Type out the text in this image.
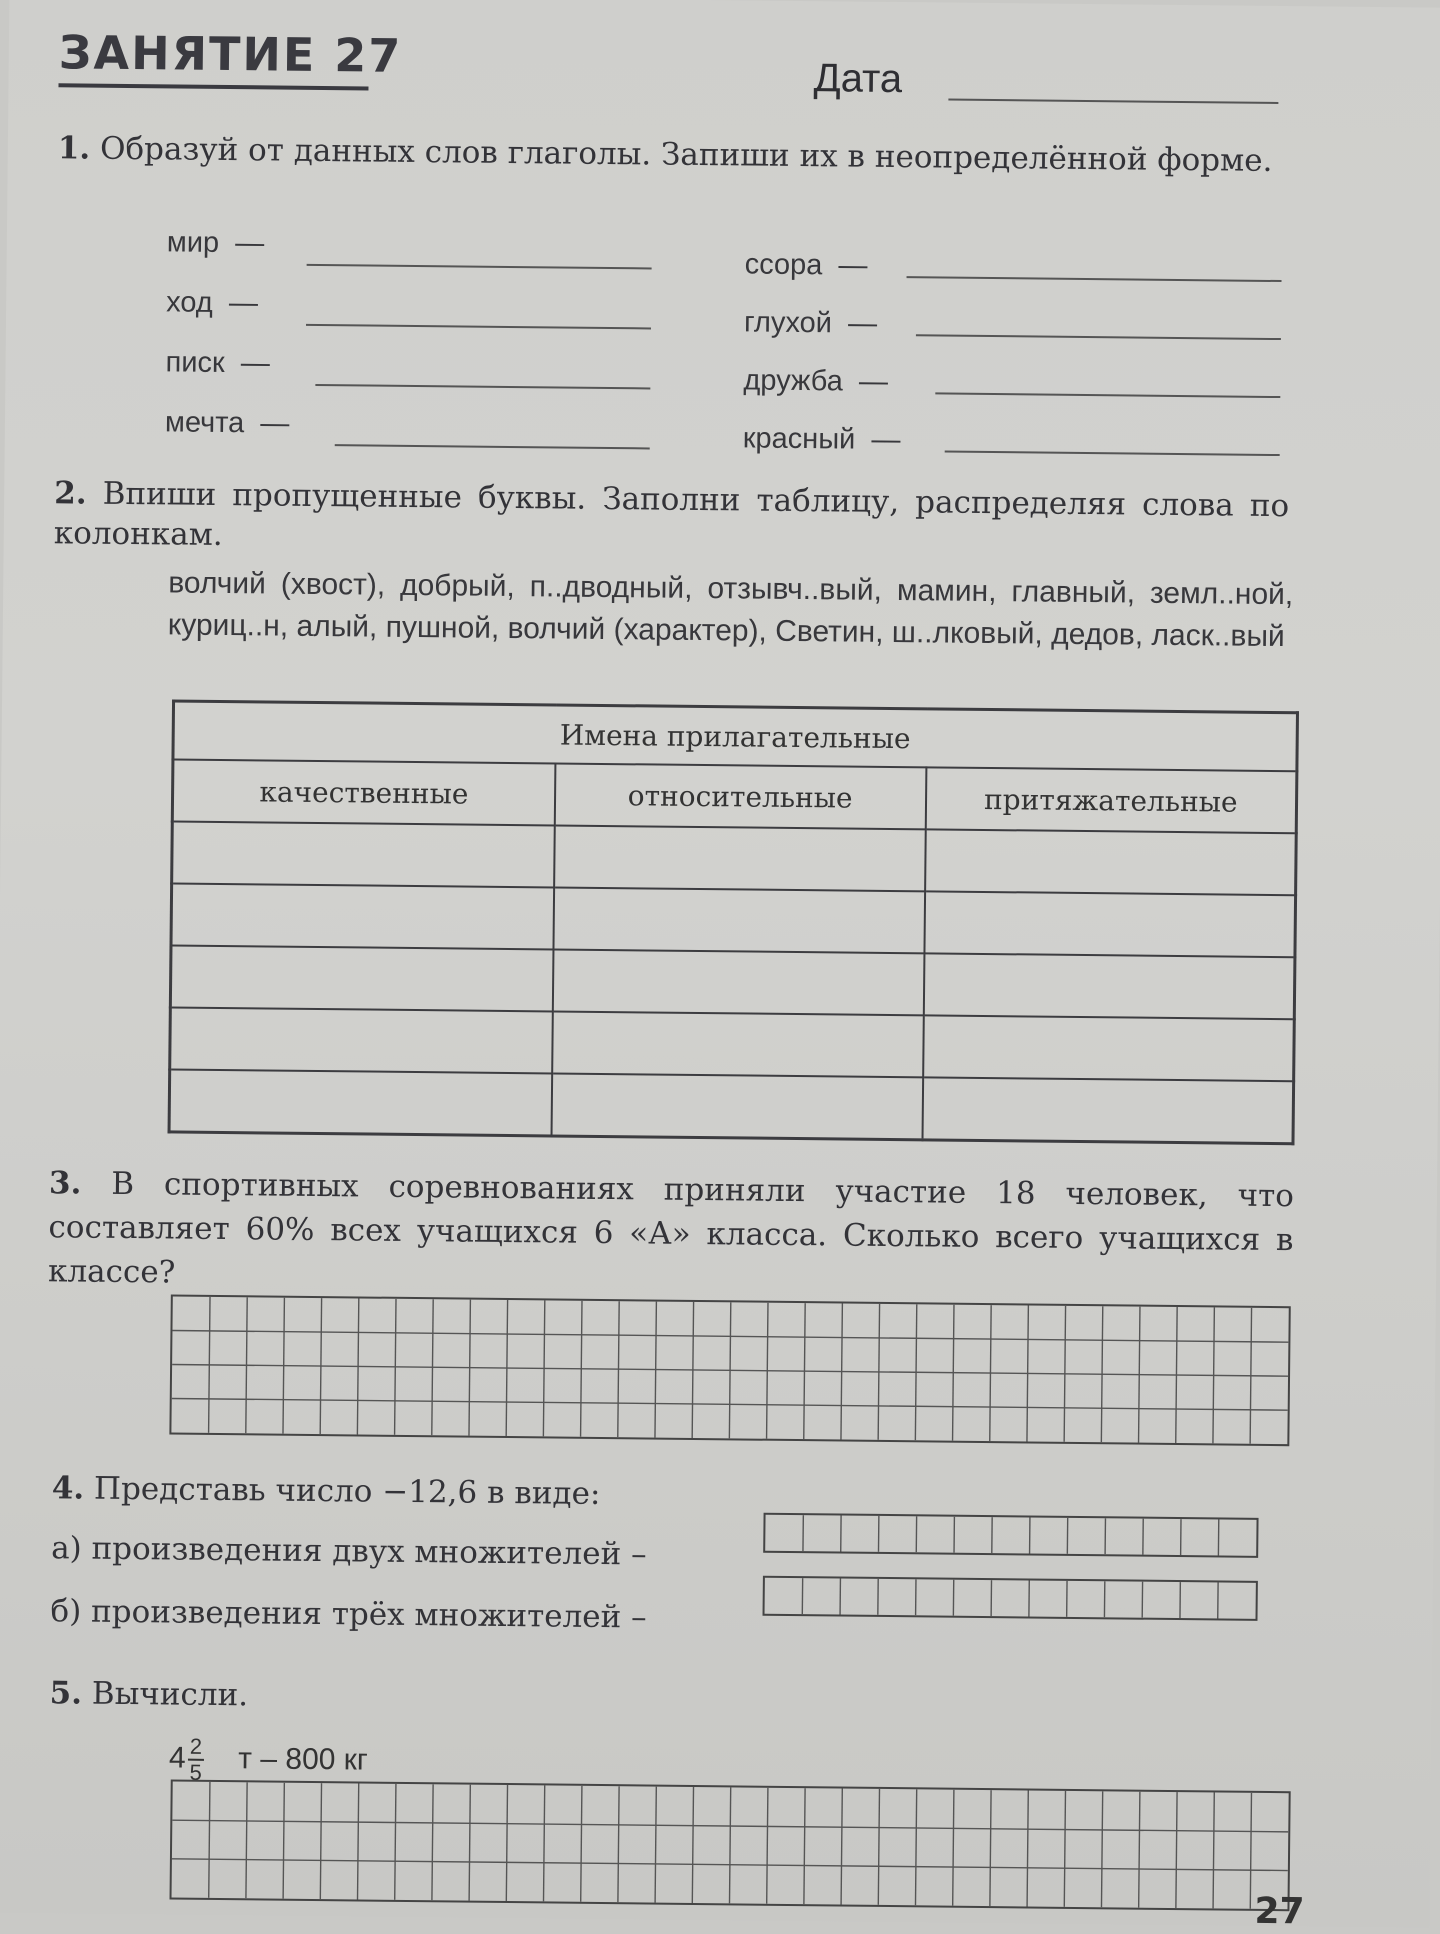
ЗАНЯТИЕ 27	Дата
1. Образуй от данных слов глаголы. Запиши их в неопределённой форме.
мир —
ход —
писк —
мечта —
ссора —
глухой —
дружба —
красный —
2. Впиши пропущенные буквы. Заполни таблицу, распределяя слова по колонкам.
волчий (хвост), добрый, п..дводный, отзывч..вый, мамин, главный, земл..ной, куриц..н, алый, пушной, волчий (характер), Светин, ш..лковый, дедов, ласк..вый
Имена прилагательные		
качественные	относительные	притяжательные

3. В спортивных соревнованиях приняли участие 18 человек, что составляет 60% всех учащихся 6 «А» класса. Сколько всего учащихся в классе?
4. Представь число −12,6 в виде:
а) произведения двух множителей –
б) произведения трёх множителей –
5. Вычисли.
$4 \frac{2}{5}$ т – 800 кг
27
